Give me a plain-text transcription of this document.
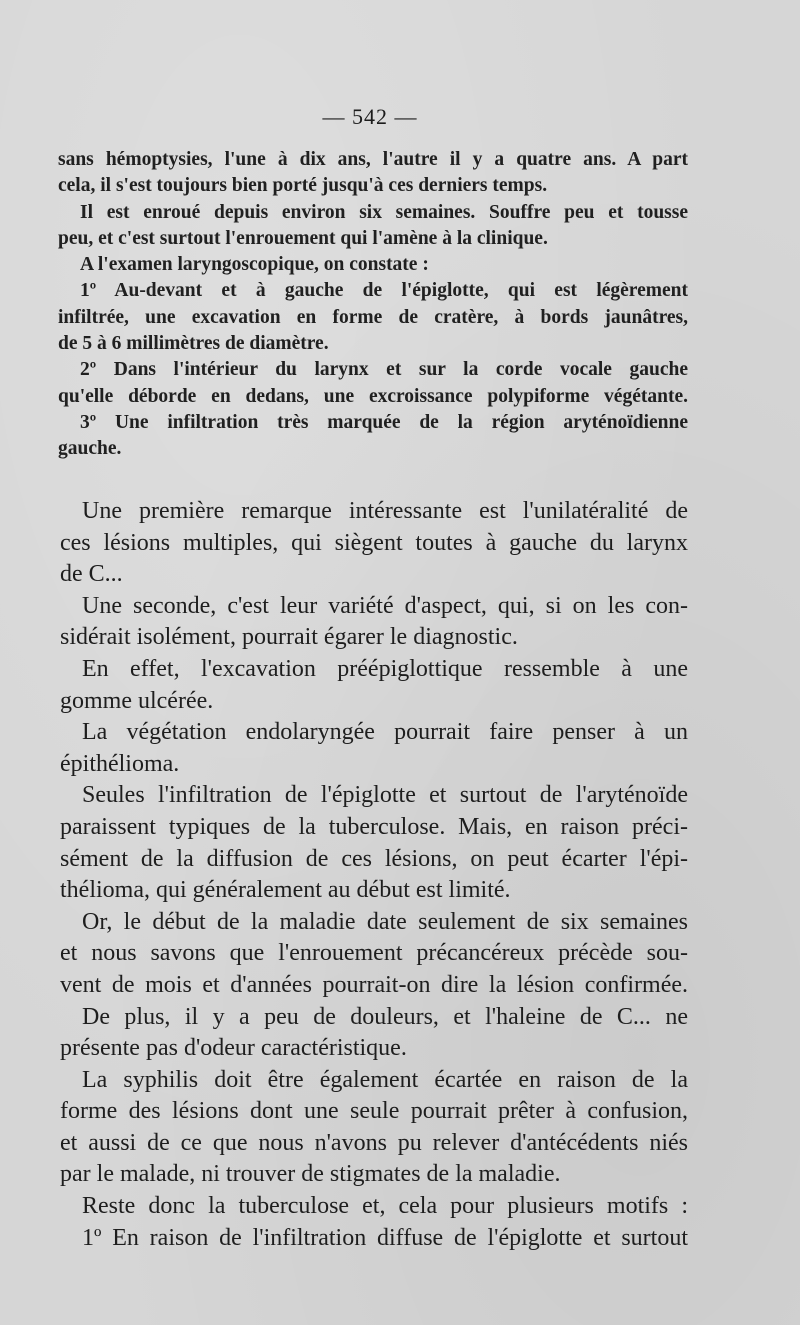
— 542 —

sans hémoptysies, l'une à dix ans, l'autre il y a quatre ans. A part
cela, il s'est toujours bien porté jusqu'à ces derniers temps.

Il est enroué depuis environ six semaines. Souffre peu et tousse
peu, et c'est surtout l'enrouement qui l'amène à la clinique.

A l'examen laryngoscopique, on constate :

1º Au-devant et à gauche de l'épiglotte, qui est légèrement
infiltrée, une excavation en forme de cratère, à bords jaunâtres,
de 5 à 6 millimètres de diamètre.

2º Dans l'intérieur du larynx et sur la corde vocale gauche
qu'elle déborde en dedans, une excroissance polypiforme végétante.

3º Une infiltration très marquée de la région aryténoïdienne
gauche.

Une première remarque intéressante est l'unilatéralité de
ces lésions multiples, qui siègent toutes à gauche du larynx
de C...

Une seconde, c'est leur variété d'aspect, qui, si on les con-
sidérait isolément, pourrait égarer le diagnostic.

En effet, l'excavation préépiglottique ressemble à une
gomme ulcérée.

La végétation endolaryngée pourrait faire penser à un
épithélioma.

Seules l'infiltration de l'épiglotte et surtout de l'aryténoïde
paraissent typiques de la tuberculose. Mais, en raison préci-
sément de la diffusion de ces lésions, on peut écarter l'épi-
thélioma, qui généralement au début est limité.

Or, le début de la maladie date seulement de six semaines
et nous savons que l'enrouement précancéreux précède sou-
vent de mois et d'années pourrait-on dire la lésion confirmée.

De plus, il y a peu de douleurs, et l'haleine de C... ne
présente pas d'odeur caractéristique.

La syphilis doit être également écartée en raison de la
forme des lésions dont une seule pourrait prêter à confusion,
et aussi de ce que nous n'avons pu relever d'antécédents niés
par le malade, ni trouver de stigmates de la maladie.

Reste donc la tuberculose et, cela pour plusieurs motifs :

1º En raison de l'infiltration diffuse de l'épiglotte et surtout
